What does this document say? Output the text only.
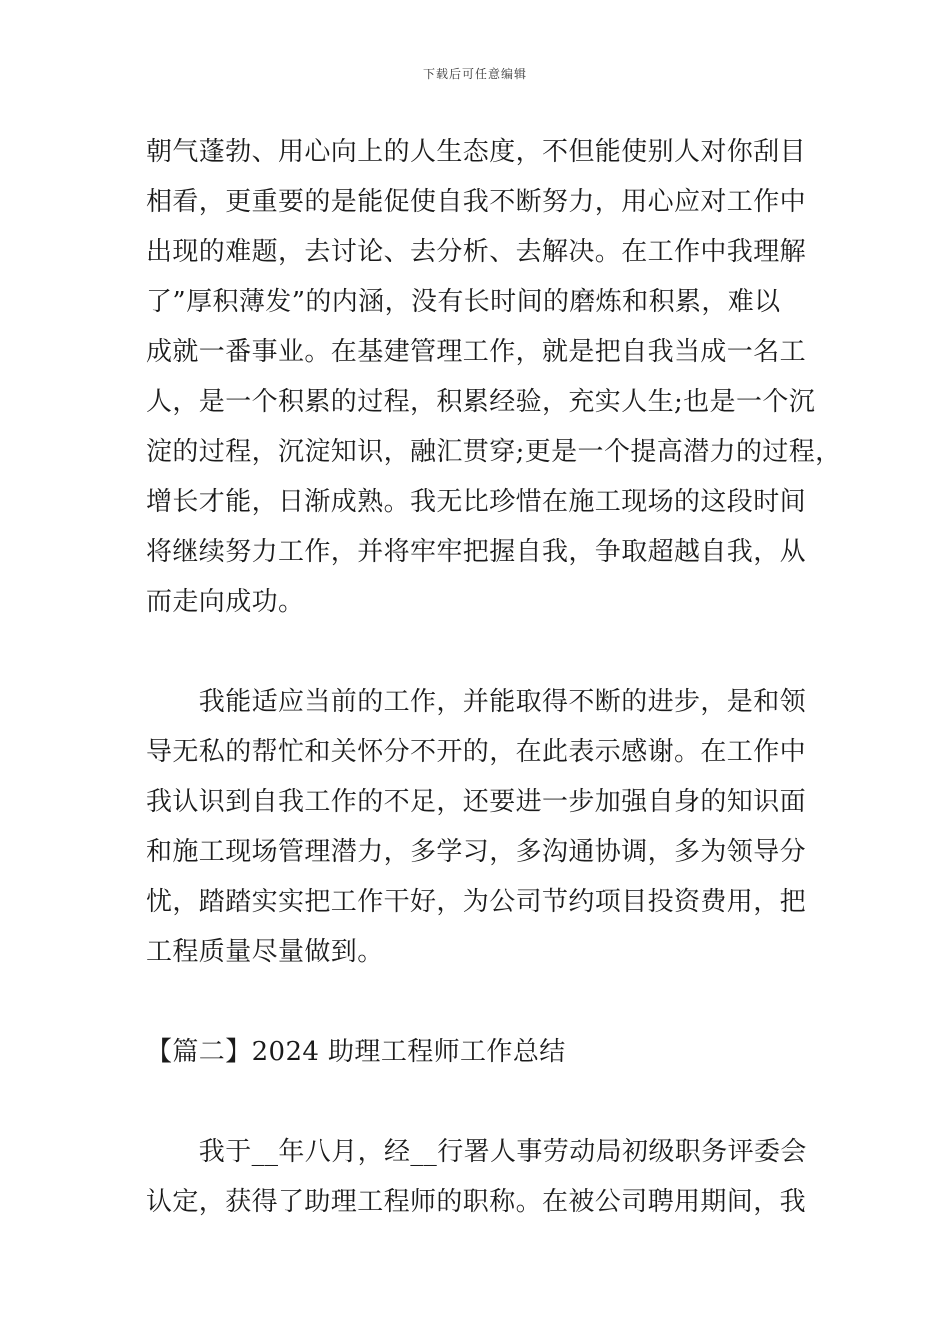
下载后可任意编辑
朝气蓬勃、用心向上的人生态度，不但能使别人对你刮目
相看，更重要的是能促使自我不断努力，用心应对工作中
出现的难题，去讨论、去分析、去解决。在工作中我理解
了”厚积薄发”的内涵，没有长时间的磨炼和积累，难以
成就一番事业。在基建管理工作，就是把自我当成一名工
人，是一个积累的过程，积累经验，充实人生;也是一个沉
淀的过程，沉淀知识，融汇贯穿;更是一个提高潜力的过程，
增长才能，日渐成熟。我无比珍惜在施工现场的这段时间
将继续努力工作，并将牢牢把握自我，争取超越自我，从
而走向成功。
　　我能适应当前的工作，并能取得不断的进步，是和领
导无私的帮忙和关怀分不开的，在此表示感谢。在工作中
我认识到自我工作的不足，还要进一步加强自身的知识面
和施工现场管理潜力，多学习，多沟通协调，多为领导分
忧，踏踏实实把工作干好，为公司节约项目投资费用，把
工程质量尽量做到。
【篇二】2024 助理工程师工作总结
　　我于__年八月，经__行署人事劳动局初级职务评委会
认定，获得了助理工程师的职称。在被公司聘用期间，我
